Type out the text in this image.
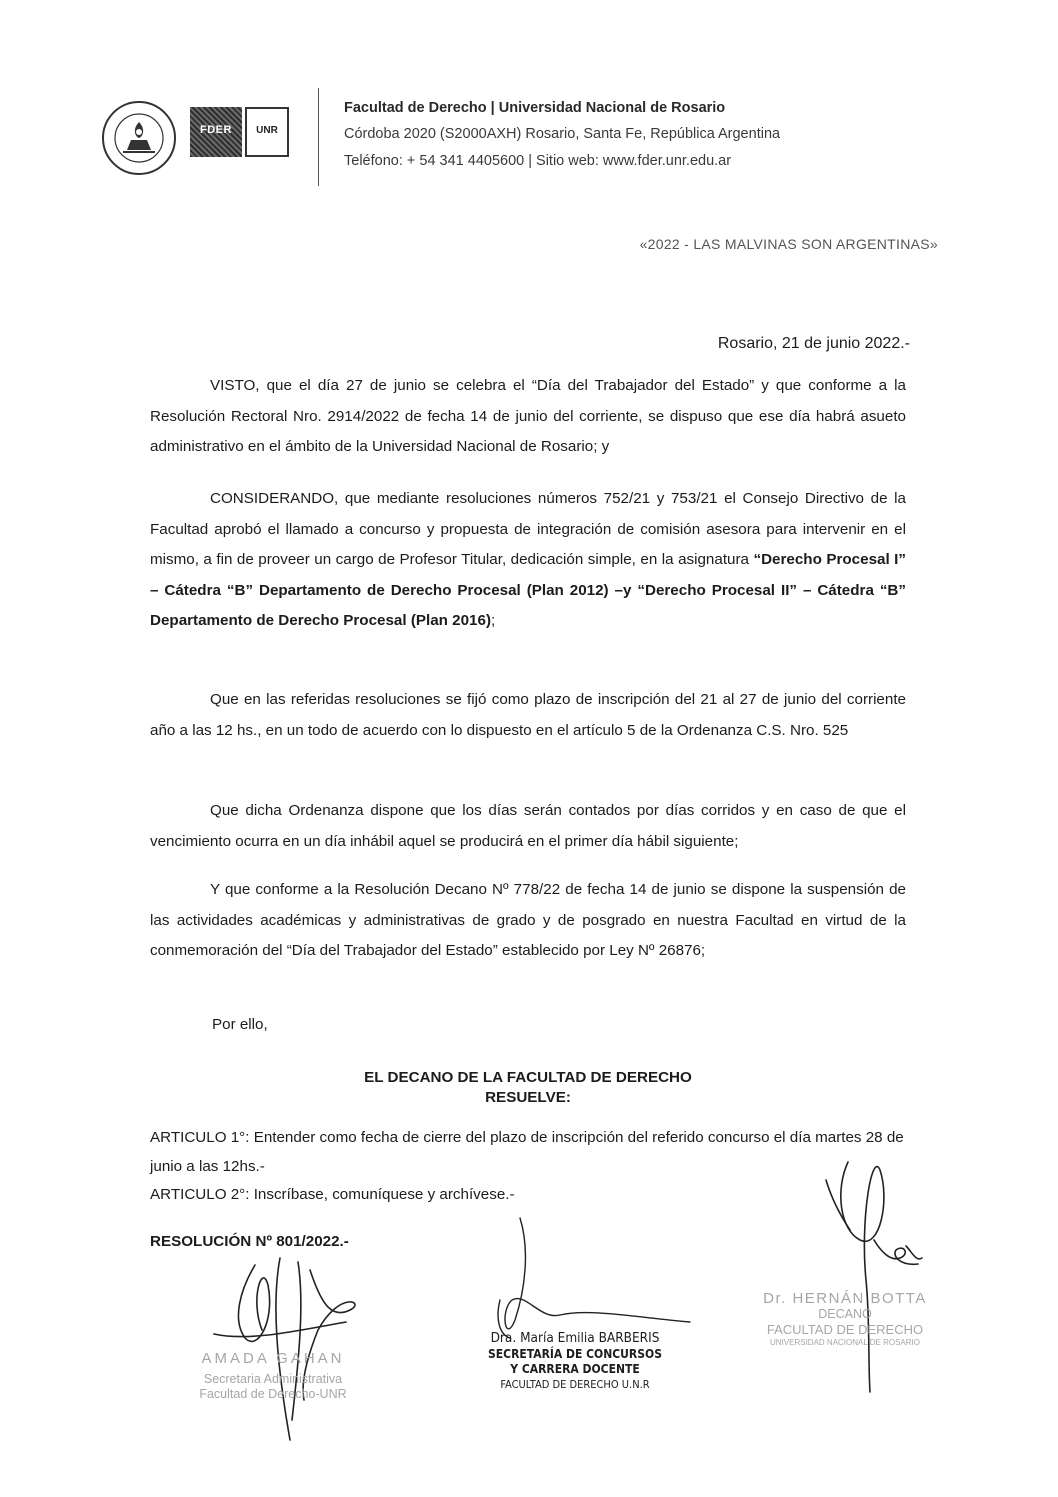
FDER	UNR
Facultad de Derecho | Universidad Nacional de Rosario
Córdoba 2020 (S2000AXH) Rosario, Santa Fe, República Argentina
Teléfono: + 54 341 4405600 | Sitio web: www.fder.unr.edu.ar
«2022 - LAS MALVINAS SON ARGENTINAS»
Rosario, 21 de junio 2022.-

VISTO, que el día 27 de junio se celebra el “Día del Trabajador del Estado” y que conforme a la Resolución Rectoral Nro. 2914/2022 de fecha 14 de junio del corriente, se dispuso que ese día habrá asueto administrativo en el ámbito de la Universidad Nacional de Rosario; y

CONSIDERANDO, que mediante resoluciones números 752/21 y 753/21 el Consejo Directivo de la Facultad aprobó el llamado a concurso y propuesta de integración de comisión asesora para intervenir en el mismo, a fin de proveer un cargo de Profesor Titular, dedicación simple, en la asignatura “Derecho Procesal I” – Cátedra “B” Departamento de Derecho Procesal (Plan 2012) –y “Derecho Procesal II” – Cátedra “B” Departamento de Derecho Procesal (Plan 2016);

Que en las referidas resoluciones se fijó como plazo de inscripción del 21 al 27 de junio del corriente año a las 12 hs., en un todo de acuerdo con lo dispuesto en el artículo 5 de la Ordenanza C.S. Nro. 525

Que dicha Ordenanza dispone que los días serán contados por días corridos y en caso de que el vencimiento ocurra en un día inhábil aquel se producirá en el primer día hábil siguiente;

Y que conforme a la Resolución Decano Nº 778/22 de fecha 14 de junio se dispone la suspensión de las actividades académicas y administrativas de grado y de posgrado en nuestra Facultad en virtud de la conmemoración del “Día del Trabajador del Estado” establecido por Ley Nº 26876;

Por ello,
EL DECANO DE LA FACULTAD DE DERECHO
RESUELVE:

ARTICULO 1°: Entender como fecha de cierre del plazo de inscripción del referido concurso el día martes 28 de junio a las 12hs.-

ARTICULO 2°: Inscríbase, comuníquese y archívese.-

RESOLUCIÓN Nº 801/2022.-
AMADA GAHAN
Secretaria Administrativa
Facultad de Derecho-UNR
Dra. María Emilia BARBERIS
SECRETARÍA DE CONCURSOS
Y CARRERA DOCENTE
FACULTAD DE DERECHO U.N.R
Dr. HERNÁN BOTTA
DECANO
FACULTAD DE DERECHO
UNIVERSIDAD NACIONAL DE ROSARIO
